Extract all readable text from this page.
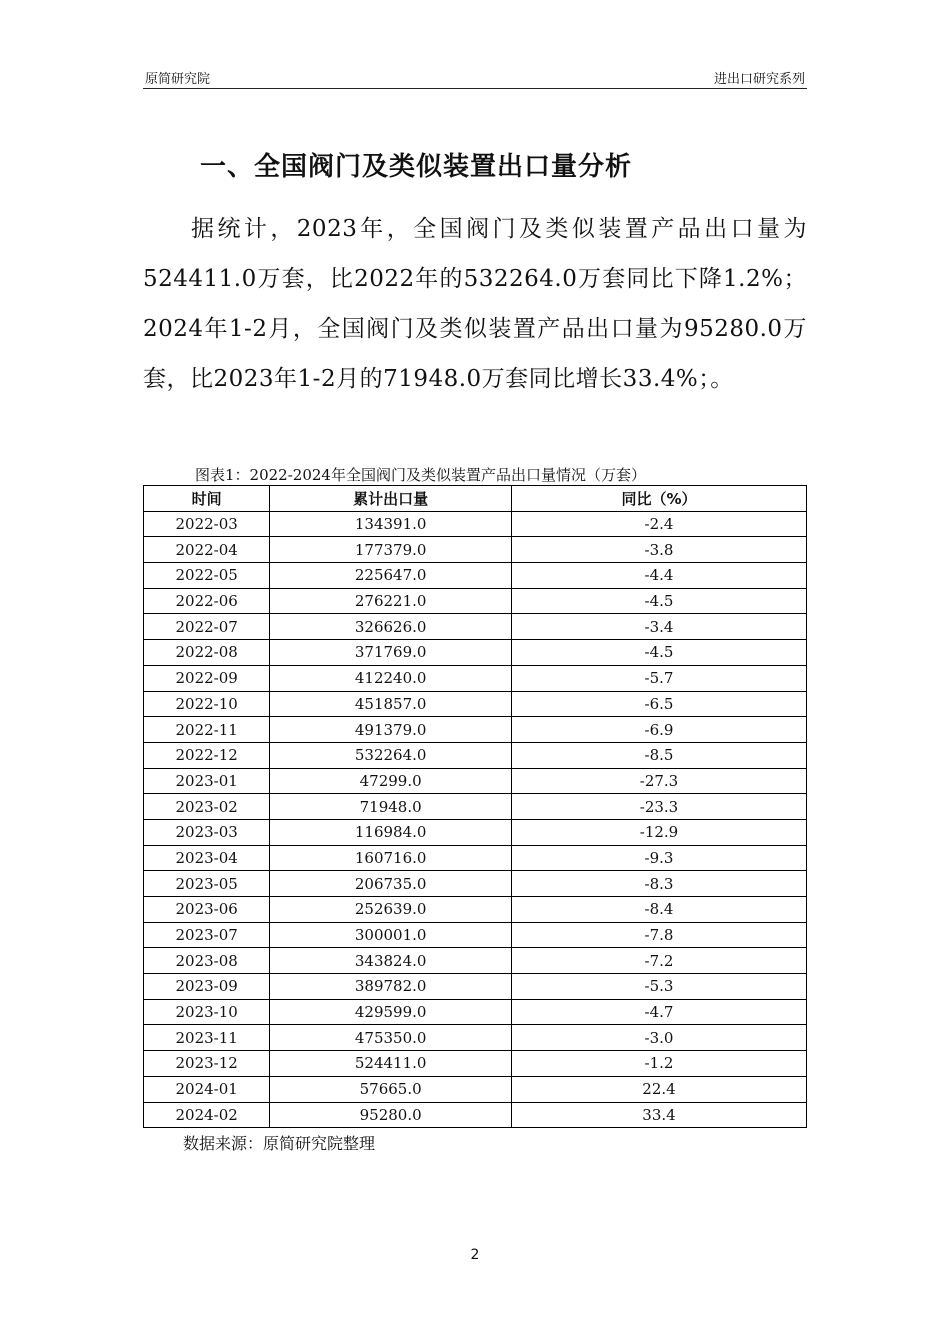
原简研究院	进出口研究系列
一、全国阀门及类似装置出口量分析

据统计，2023年，全国阀门及类似装置产品出口量为524411.0万套，比2022年的532264.0万套同比下降1.2%；2024年1-2月，全国阀门及类似装置产品出口量为95280.0万套，比2023年1-2月的71948.0万套同比增长33.4%；。

图表1：2022-2024年全国阀门及类似装置产品出口量情况（万套）
时间	累计出口量	同比（%）
2022-03	134391.0	-2.4
2022-04	177379.0	-3.8
2022-05	225647.0	-4.4
2022-06	276221.0	-4.5
2022-07	326626.0	-3.4
2022-08	371769.0	-4.5
2022-09	412240.0	-5.7
2022-10	451857.0	-6.5
2022-11	491379.0	-6.9
2022-12	532264.0	-8.5
2023-01	47299.0	-27.3
2023-02	71948.0	-23.3
2023-03	116984.0	-12.9
2023-04	160716.0	-9.3
2023-05	206735.0	-8.3
2023-06	252639.0	-8.4
2023-07	300001.0	-7.8
2023-08	343824.0	-7.2
2023-09	389782.0	-5.3
2023-10	429599.0	-4.7
2023-11	475350.0	-3.0
2023-12	524411.0	-1.2
2024-01	57665.0	22.4
2024-02	95280.0	33.4
数据来源：原简研究院整理
2
